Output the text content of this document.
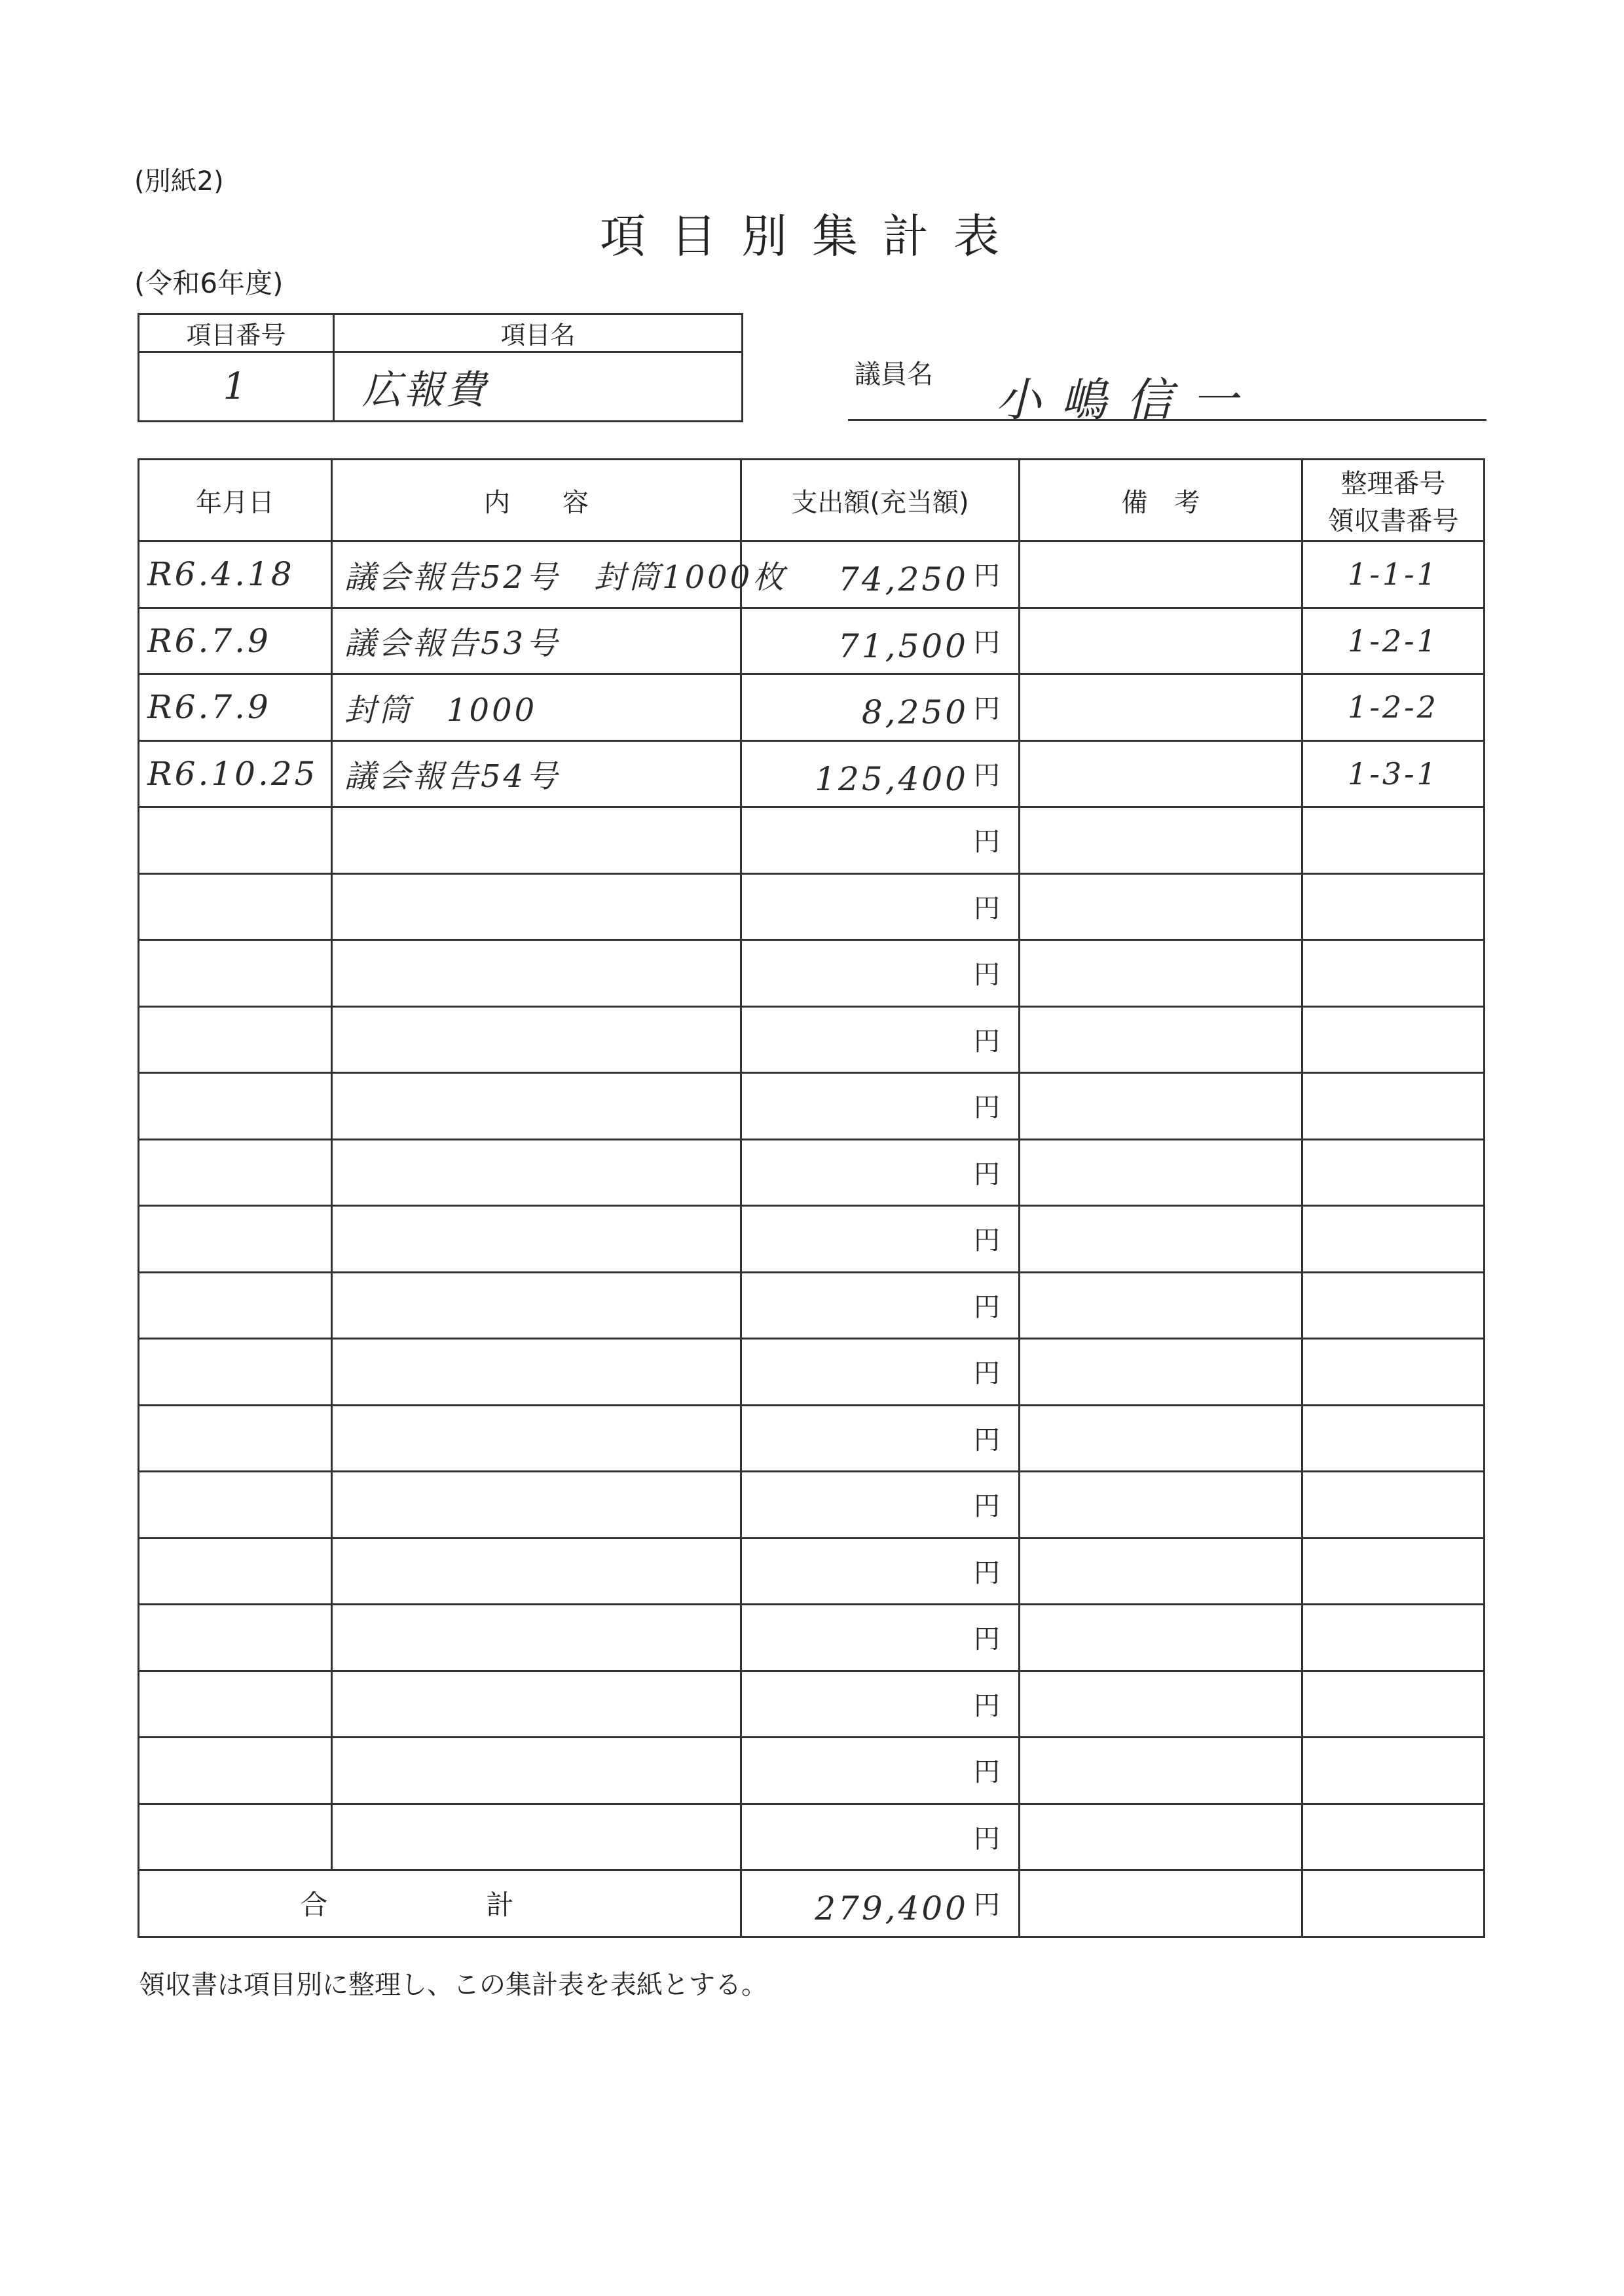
(別紙2)
項目別集計表
(令和6年度)
項目番号	項目名
1	広報費	議員名 小嶋信一
年月日	内　　容	支出額(充当額)	備　考	整理番号
領収書番号

R6.4.18	議会報告52号　封筒1000枚	74,250 円		1-1-1
R6.7.9	議会報告53号	71,500 円		1-2-1
R6.7.9	封筒　1000	8,250 円		1-2-2
R6.10.25	議会報告54号	125,400 円		1-3-1

		円		

		円		

		円		

		円		

		円		

		円		

		円		

		円		

		円		

		円		

		円		

		円		

		円		

		円		

		円		

		円		

合　計		279,400 円		

領収書は項目別に整理し、この集計表を表紙とする。
